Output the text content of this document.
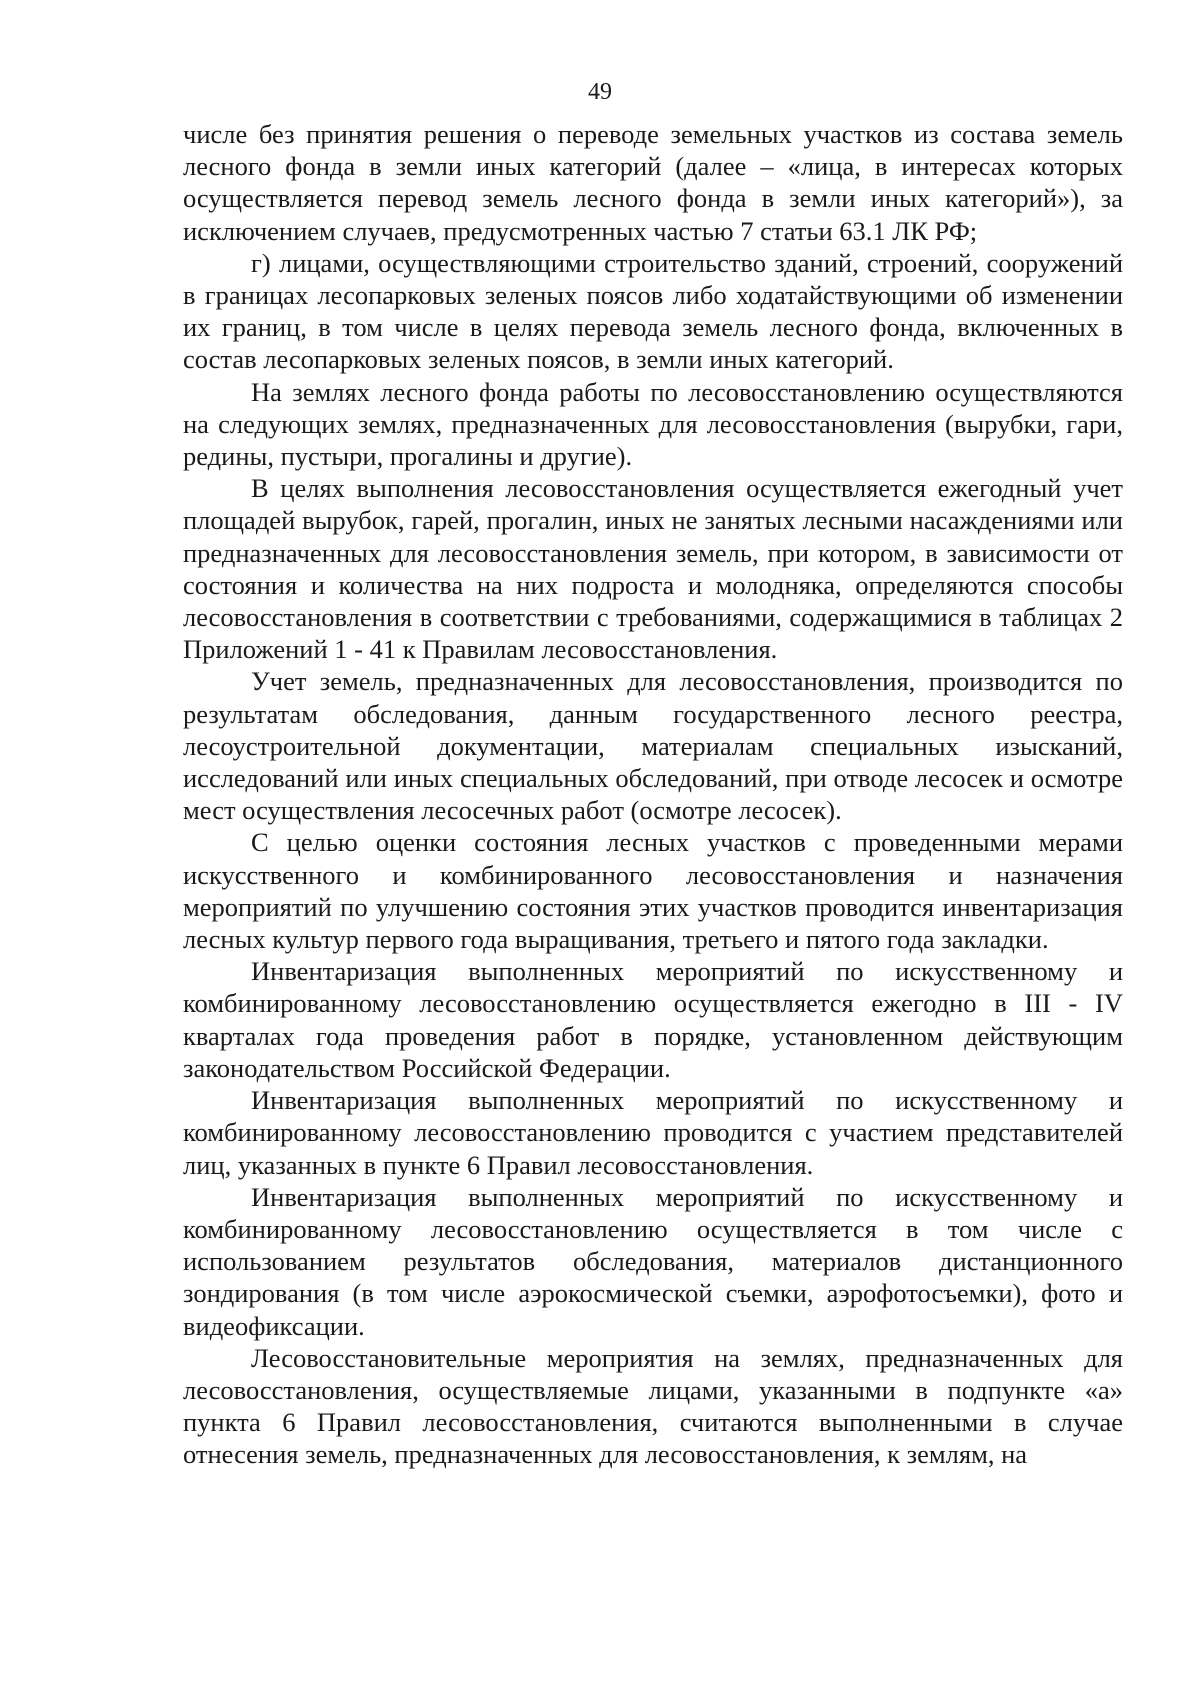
49

числе без принятия решения о переводе земельных участков из состава земель лесного фонда в земли иных категорий (далее – «лица, в интересах которых осуществляется перевод земель лесного фонда в земли иных категорий»), за исключением случаев, предусмотренных частью 7 статьи 63.1 ЛК РФ;

г) лицами, осуществляющими строительство зданий, строений, сооружений в границах лесопарковых зеленых поясов либо ходатайствующими об изменении их границ, в том числе в целях перевода земель лесного фонда, включенных в состав лесопарковых зеленых поясов, в земли иных категорий.

На землях лесного фонда работы по лесовосстановлению осуществляются на следующих землях, предназначенных для лесовосстановления (вырубки, гари, редины, пустыри, прогалины и другие).

В целях выполнения лесовосстановления осуществляется ежегодный учет площадей вырубок, гарей, прогалин, иных не занятых лесными насаждениями или предназначенных для лесовосстановления земель, при котором, в зависимости от состояния и количества на них подроста и молодняка, определяются способы лесовосстановления в соответствии с требованиями, содержащимися в таблицах 2 Приложений 1 - 41 к Правилам лесовосстановления.

Учет земель, предназначенных для лесовосстановления, производится по результатам обследования, данным государственного лесного реестра, лесоустроительной документации, материалам специальных изысканий, исследований или иных специальных обследований, при отводе лесосек и осмотре мест осуществления лесосечных работ (осмотре лесосек).

С целью оценки состояния лесных участков с проведенными мерами искусственного и комбинированного лесовосстановления и назначения мероприятий по улучшению состояния этих участков проводится инвентаризация лесных культур первого года выращивания, третьего и пятого года закладки.

Инвентаризация выполненных мероприятий по искусственному и комбинированному лесовосстановлению осуществляется ежегодно в III - IV кварталах года проведения работ в порядке, установленном действующим законодательством Российской Федерации.

Инвентаризация выполненных мероприятий по искусственному и комбинированному лесовосстановлению проводится с участием представителей лиц, указанных в пункте 6 Правил лесовосстановления.

Инвентаризация выполненных мероприятий по искусственному и комбинированному лесовосстановлению осуществляется в том числе с использованием результатов обследования, материалов дистанционного зондирования (в том числе аэрокосмической съемки, аэрофотосъемки), фото и видеофиксации.

Лесовосстановительные мероприятия на землях, предназначенных для лесовосстановления, осуществляемые лицами, указанными в подпункте «а» пункта 6 Правил лесовосстановления, считаются выполненными в случае отнесения земель, предназначенных для лесовосстановления, к землям, на
